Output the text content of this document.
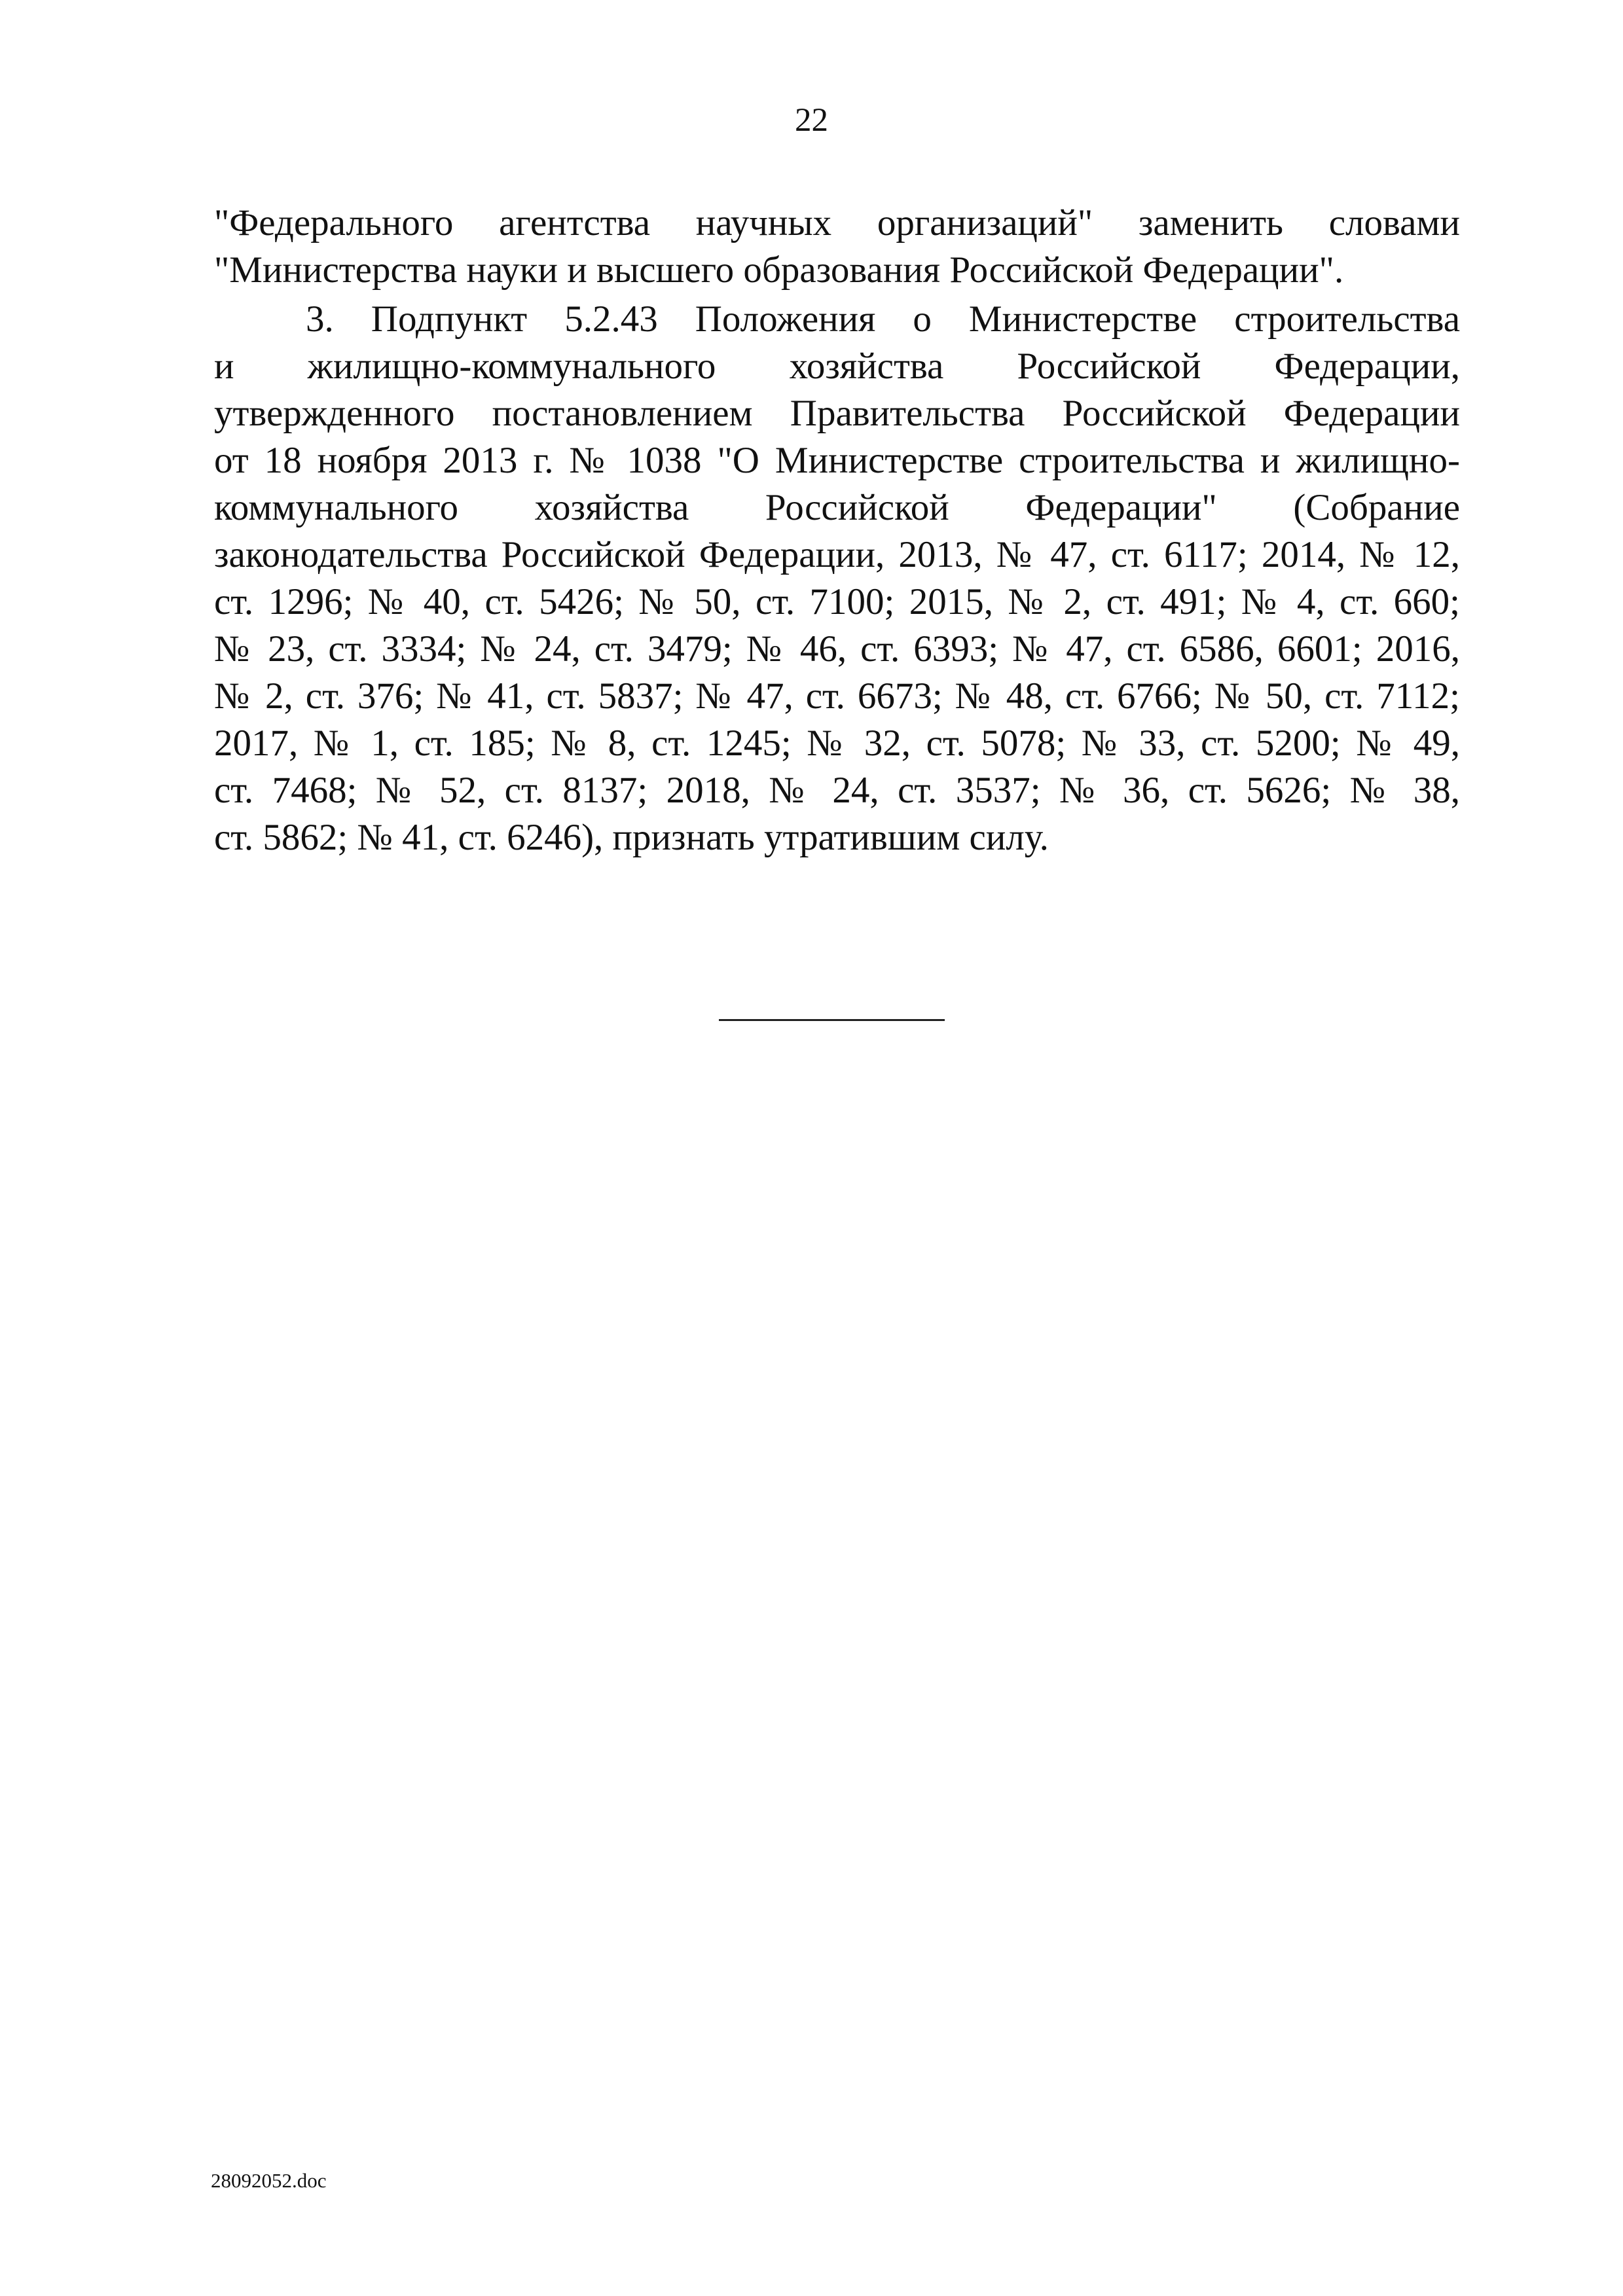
22
"Федерального агентства научных организаций" заменить словами
"Министерства науки и высшего образования Российской Федерации".
3. Подпункт 5.2.43 Положения о Министерстве строительства
и жилищно-коммунального хозяйства Российской Федерации,
утвержденного постановлением Правительства Российской Федерации
от 18 ноября 2013 г. № 1038 "О Министерстве строительства и жилищно-
коммунального хозяйства Российской Федерации" (Собрание
законодательства Российской Федерации, 2013, № 47, ст. 6117; 2014, № 12,
ст. 1296; № 40, ст. 5426; № 50, ст. 7100; 2015, № 2, ст. 491; № 4, ст. 660;
№ 23, ст. 3334; № 24, ст. 3479; № 46, ст. 6393; № 47, ст. 6586, 6601; 2016,
№ 2, ст. 376; № 41, ст. 5837; № 47, ст. 6673; № 48, ст. 6766; № 50, ст. 7112;
2017, № 1, ст. 185; № 8, ст. 1245; № 32, ст. 5078; № 33, ст. 5200; № 49,
ст. 7468; № 52, ст. 8137; 2018, № 24, ст. 3537; № 36, ст. 5626; № 38,
ст. 5862; № 41, ст. 6246), признать утратившим силу.
28092052.doc
